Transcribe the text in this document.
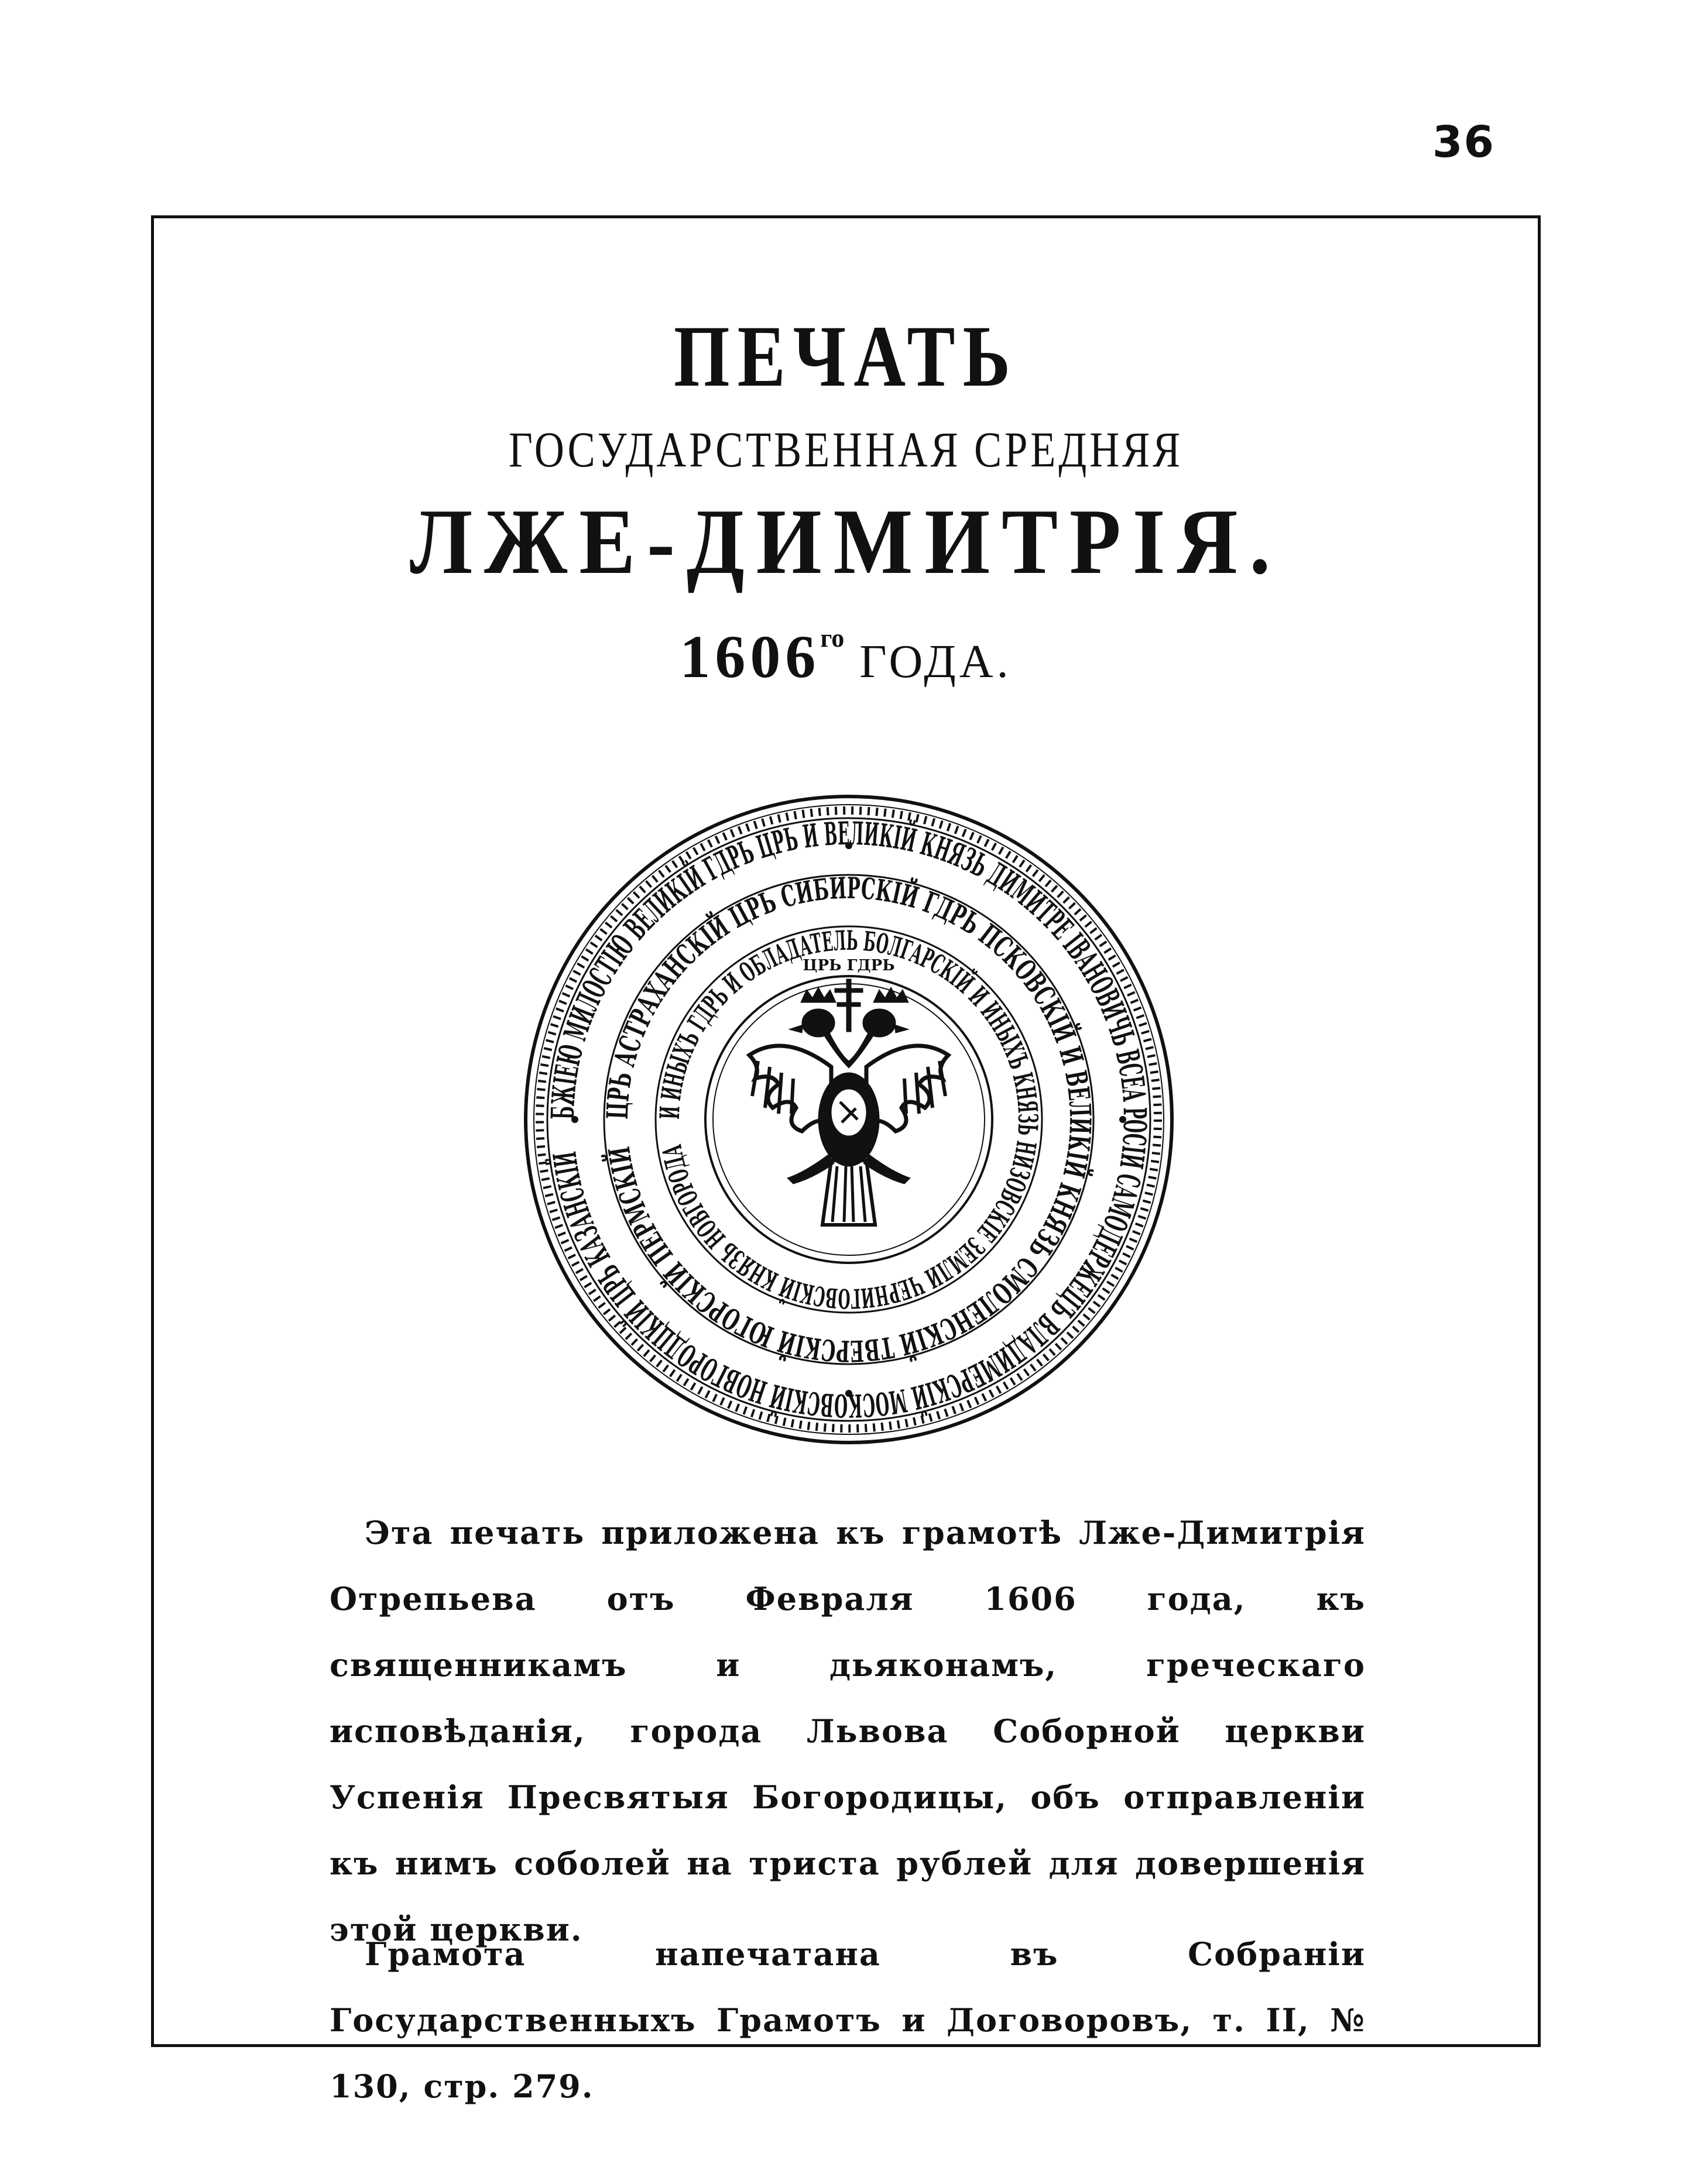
36
ПЕЧАТЬ
ГОСУДАРСТВЕННАЯ СРЕДНЯЯ
ЛЖЕ-ДИМИТРІЯ.
$1606^{го}$ ГОДА.
БЖІЕЮ МИЛОСТІЮ ВЕЛИКІЙ ГДРЬ ЦРЬ И ВЕЛИКІЙ КНЯЗЬ ДИМИТРЕ ІВАНОВИЧЬ ВСЕА РОСІИ САМОДЕРЖЕЦЪ ВЛАДИМЕРСКІЙ МОСКОВСКІЙ НОВГОРОДЦКІЙ ЦРЬ КАЗАНСКІЙ
ЦРЬ АСТРАХАНСКІЙ ЦРЬ СИБИРСКІЙ ГДРЬ ПСКОВСКІЙ И ВЕЛИКІЙ КНЯЗЬ СМОЛЕНСКІЙ ТВЕРСКІЙ ЮГОРСКІЙ ПЕРМСКІЙ
И ИНЫХЪ ГДРЬ И ОБЛАДАТЕЛЬ БОЛГАРСКІЙ И ИНЫХЪ КНЯЗЬ НИЗОВСКІЕ ЗЕМЛИ ЧЕРНИГОВСКІЙ КНЯЗЬ НОВГОРОДА
ЦРЬ ГДРЬ

Эта печать приложена къ грамотѣ Лже-Димитрія Отрепьева отъ Февраля 1606 года, къ священникамъ и дьяконамъ, греческаго исповѣданія, города Львова Соборной церкви Успенія Пресвятыя Богородицы, объ отправленіи къ нимъ соболей на триста рублей для довершенія этой церкви.

Грамота напечатана въ Собраніи Государственныхъ Грамотъ и Договоровъ, т. II, № 130, стр. 279.
